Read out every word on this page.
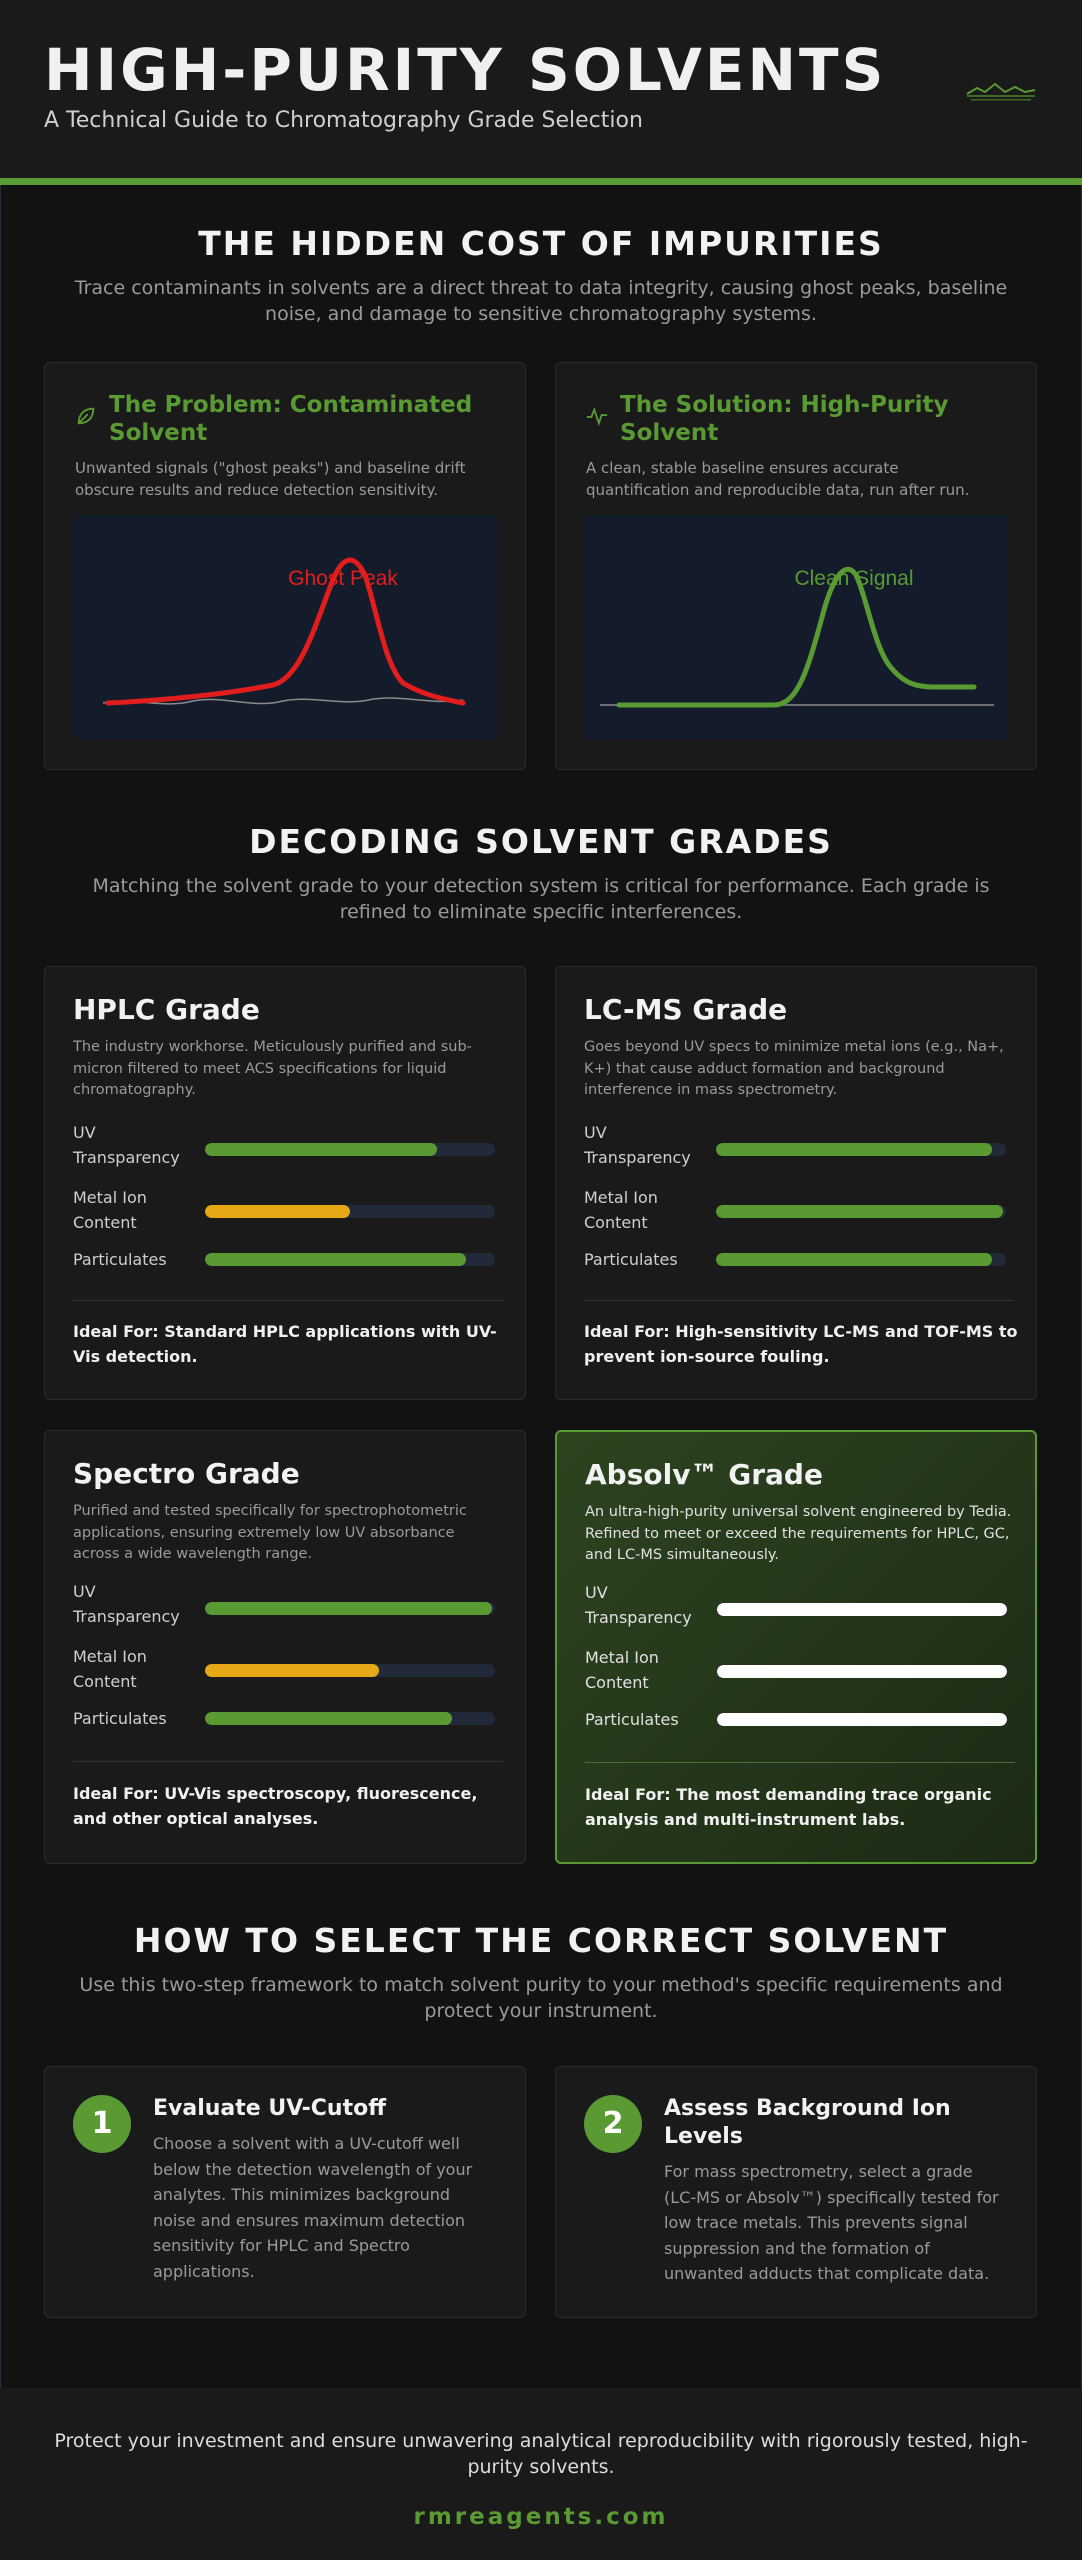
HIGH-PURITY SOLVENTS
A Technical Guide to Chromatography Grade Selection
THE HIDDEN COST OF IMPURITIES
Trace contaminants in solvents are a direct threat to data integrity, causing ghost peaks, baseline noise, and damage to sensitive chromatography systems.
The Problem: Contaminated Solvent
Unwanted signals ("ghost peaks") and baseline drift obscure results and reduce detection sensitivity.
Ghost Peak
The Solution: High-Purity Solvent
A clean, stable baseline ensures accurate quantification and reproducible data, run after run.
Clean Signal
DECODING SOLVENT GRADES
Matching the solvent grade to your detection system is critical for performance. Each grade is refined to eliminate specific interferences.
HPLC Grade
The industry workhorse. Meticulously purified and sub-micron filtered to meet ACS specifications for liquid chromatography.
UV Transparency
Metal Ion Content
Particulates
Ideal For: Standard HPLC applications with UV-Vis detection.
LC-MS Grade
Goes beyond UV specs to minimize metal ions (e.g., Na+, K+) that cause adduct formation and background interference in mass spectrometry.
UV Transparency
Metal Ion Content
Particulates
Ideal For: High-sensitivity LC-MS and TOF-MS to prevent ion-source fouling.
Spectro Grade
Purified and tested specifically for spectrophotometric applications, ensuring extremely low UV absorbance across a wide wavelength range.
UV Transparency
Metal Ion Content
Particulates
Ideal For: UV-Vis spectroscopy, fluorescence, and other optical analyses.
Absolv™ Grade
An ultra-high-purity universal solvent engineered by Tedia. Refined to meet or exceed the requirements for HPLC, GC, and LC-MS simultaneously.
UV Transparency
Metal Ion Content
Particulates
Ideal For: The most demanding trace organic analysis and multi-instrument labs.
HOW TO SELECT THE CORRECT SOLVENT
Use this two-step framework to match solvent purity to your method's specific requirements and protect your instrument.
1	Evaluate UV-Cutoff
Choose a solvent with a UV-cutoff well below the detection wavelength of your analytes. This minimizes background noise and ensures maximum detection sensitivity for HPLC and Spectro applications.
2	Assess Background Ion Levels
For mass spectrometry, select a grade (LC-MS or Absolv™) specifically tested for low trace metals. This prevents signal suppression and the formation of unwanted adducts that complicate data.
Protect your investment and ensure unwavering analytical reproducibility with rigorously tested, high-purity solvents.
rmreagents.com
